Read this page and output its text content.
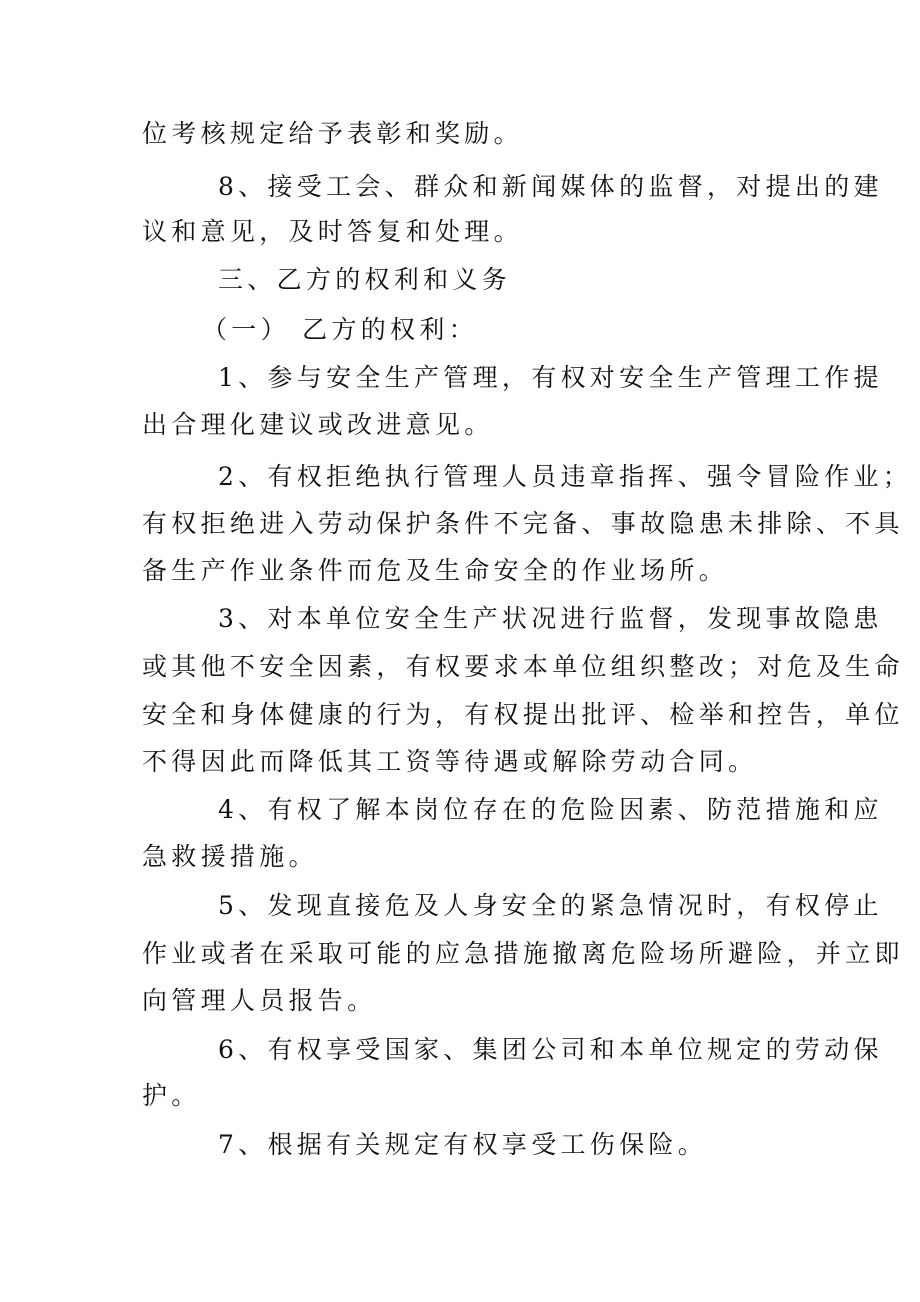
位考核规定给予表彰和奖励。
8、接受工会、群众和新闻媒体的监督，对提出的建
议和意见，及时答复和处理。
三、乙方的权利和义务
（一） 乙方的权利：
1、参与安全生产管理，有权对安全生产管理工作提
出合理化建议或改进意见。
2、有权拒绝执行管理人员违章指挥、强令冒险作业；
有权拒绝进入劳动保护条件不完备、事故隐患未排除、不具
备生产作业条件而危及生命安全的作业场所。
3、对本单位安全生产状况进行监督，发现事故隐患
或其他不安全因素，有权要求本单位组织整改；对危及生命
安全和身体健康的行为，有权提出批评、检举和控告，单位
不得因此而降低其工资等待遇或解除劳动合同。
4、有权了解本岗位存在的危险因素、防范措施和应
急救援措施。
5、发现直接危及人身安全的紧急情况时，有权停止
作业或者在采取可能的应急措施撤离危险场所避险，并立即
向管理人员报告。
6、有权享受国家、集团公司和本单位规定的劳动保
护。
7、根据有关规定有权享受工伤保险。
